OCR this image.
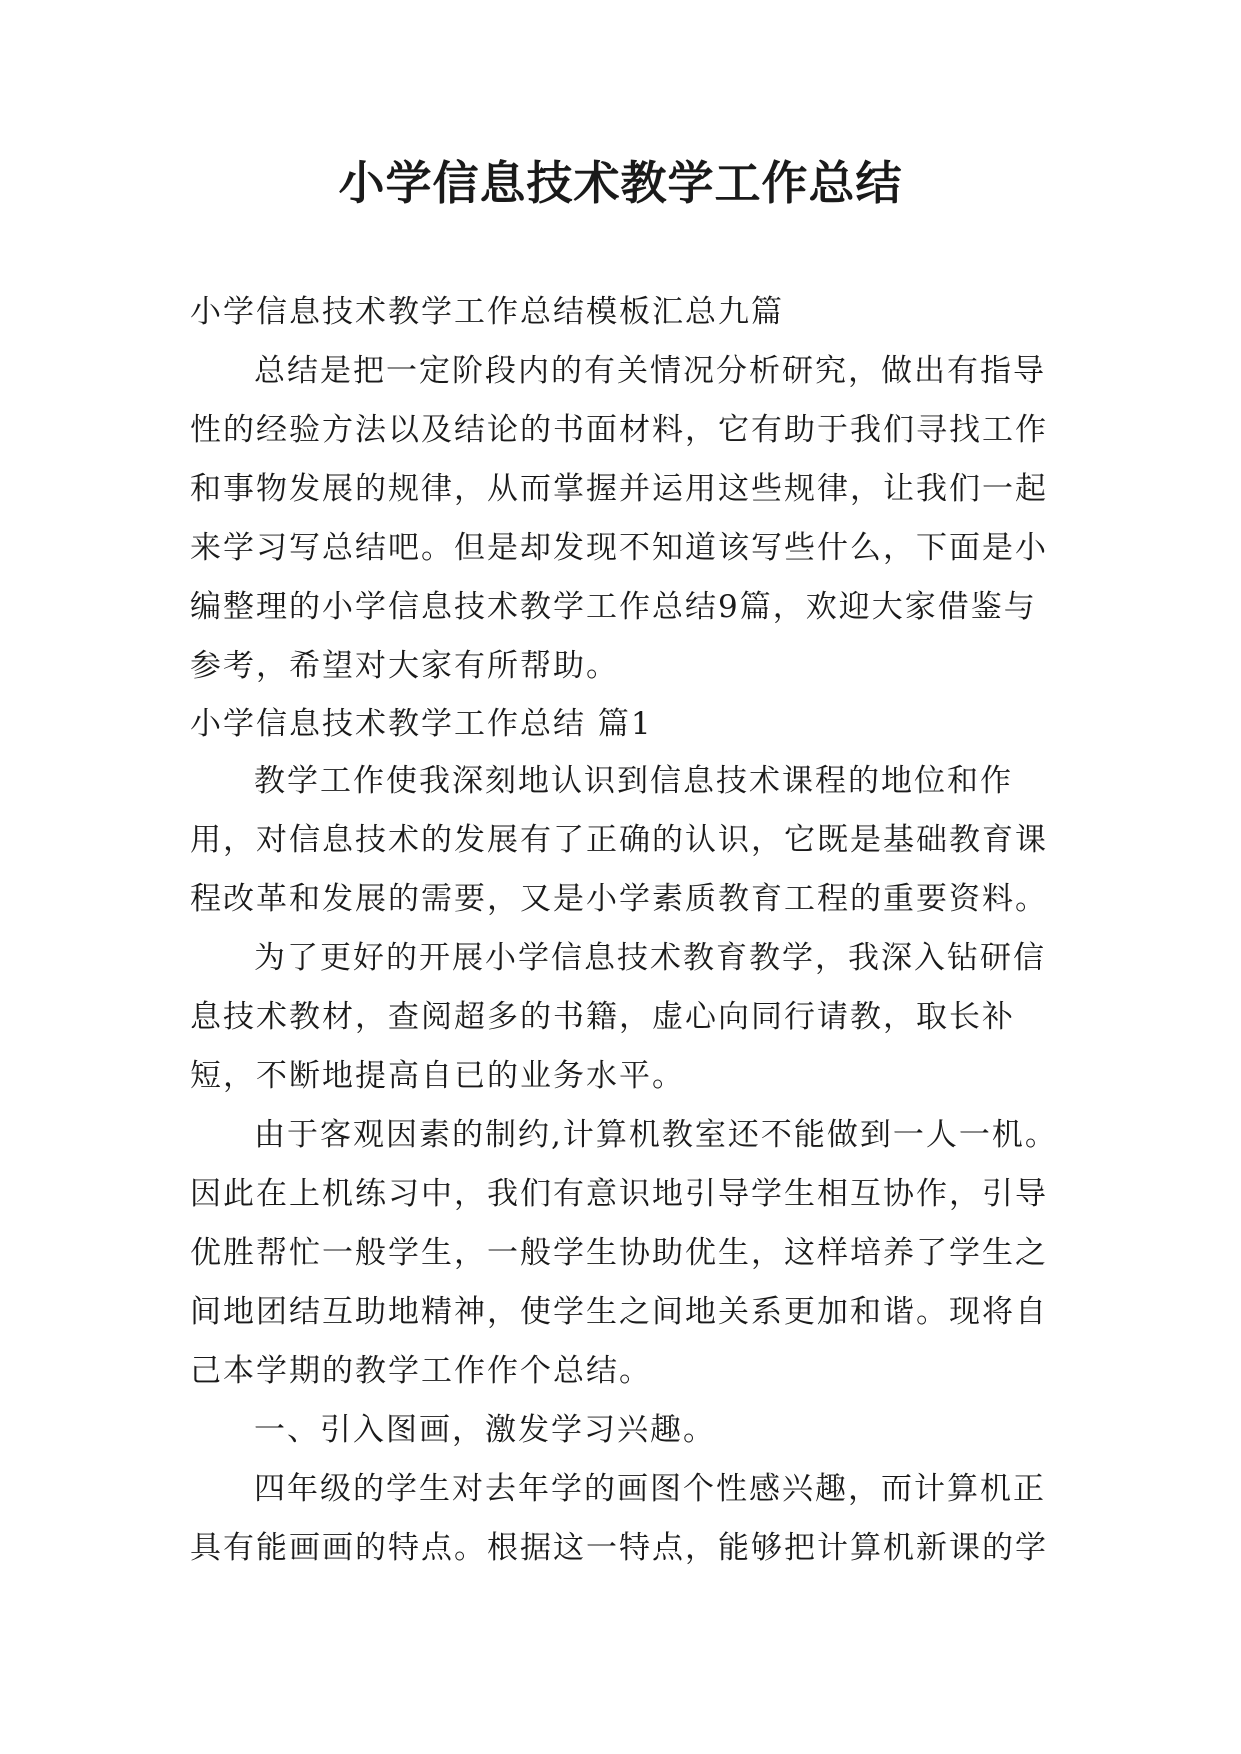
小学信息技术教学工作总结

小学信息技术教学工作总结模板汇总九篇

总结是把一定阶段内的有关情况分析研究，做出有指导性的经验方法以及结论的书面材料，它有助于我们寻找工作和事物发展的规律，从而掌握并运用这些规律，让我们一起来学习写总结吧。但是却发现不知道该写些什么，下面是小编整理的小学信息技术教学工作总结9篇，欢迎大家借鉴与参考，希望对大家有所帮助。

小学信息技术教学工作总结 篇1

教学工作使我深刻地认识到信息技术课程的地位和作用，对信息技术的发展有了正确的认识，它既是基础教育课程改革和发展的需要，又是小学素质教育工程的重要资料。

为了更好的开展小学信息技术教育教学，我深入钻研信息技术教材，查阅超多的书籍，虚心向同行请教，取长补短，不断地提高自已的业务水平。

由于客观因素的制约,计算机教室还不能做到一人一机。因此在上机练习中，我们有意识地引导学生相互协作，引导优胜帮忙一般学生，一般学生协助优生，这样培养了学生之间地团结互助地精神，使学生之间地关系更加和谐。现将自己本学期的教学工作作个总结。

一、引入图画，激发学习兴趣。

四年级的学生对去年学的画图个性感兴趣，而计算机正具有能画画的特点。根据这一特点，能够把计算机新课的学
